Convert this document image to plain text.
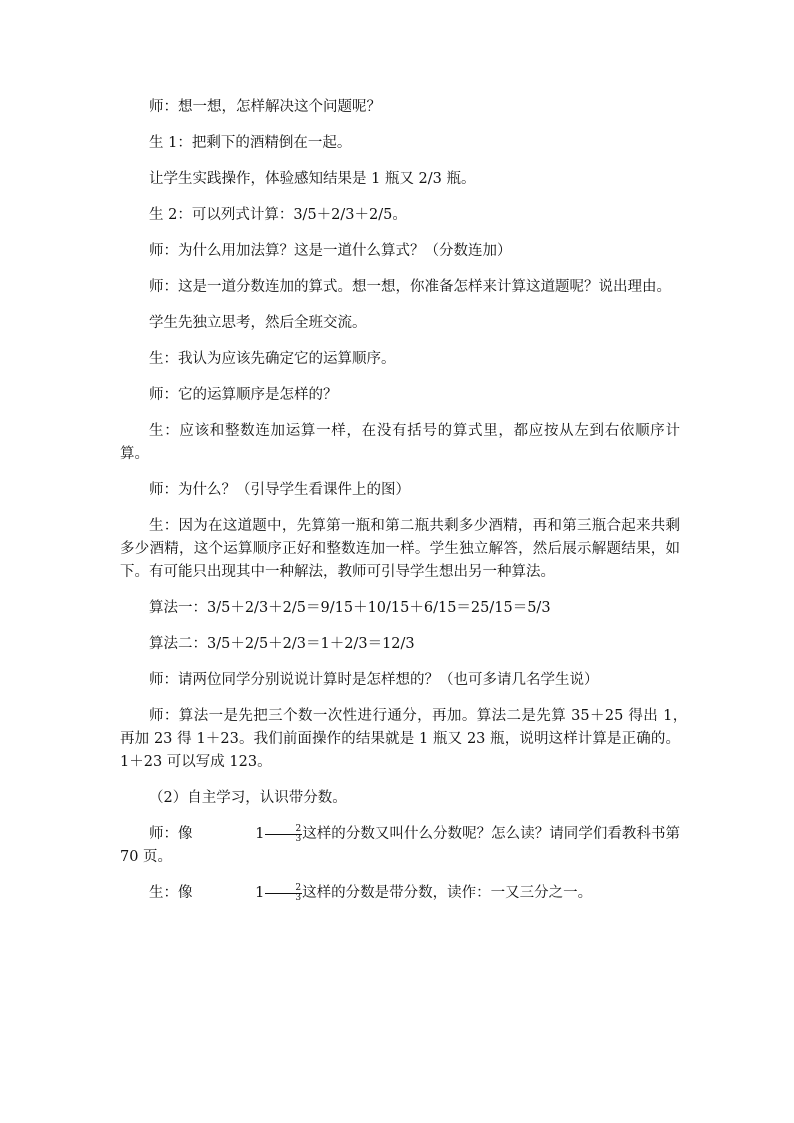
师：想一想，怎样解决这个问题呢？

生 1：把剩下的酒精倒在一起。

让学生实践操作，体验感知结果是 1 瓶又 2/3 瓶。

生 2：可以列式计算：3/5＋2/3＋2/5。

师：为什么用加法算？这是一道什么算式？（分数连加）

师：这是一道分数连加的算式。想一想，你准备怎样来计算这道题呢？说出理由。

学生先独立思考，然后全班交流。

生：我认为应该先确定它的运算顺序。

师：它的运算顺序是怎样的？

生：应该和整数连加运算一样，在没有括号的算式里，都应按从左到右依顺序计算。

师：为什么？（引导学生看课件上的图）

生：因为在这道题中，先算第一瓶和第二瓶共剩多少酒精，再和第三瓶合起来共剩多少酒精，这个运算顺序正好和整数连加一样。学生独立解答，然后展示解题结果，如下。有可能只出现其中一种解法，教师可引导学生想出另一种算法。

算法一：3/5＋2/3＋2/5＝9/15＋10/15＋6/15＝25/15＝5/3

算法二：3/5＋2/5＋2/3＝1＋2/3＝12/3

师：请两位同学分别说说计算时是怎样想的？（也可多请几名学生说）

师：算法一是先把三个数一次性进行通分，再加。算法二是先算 35＋25 得出 1，　再加 23 得 1＋23。我们前面操作的结果就是 1 瓶又 23 瓶，说明这样计算是正确的。1＋23 可以写成 123。

（2）自主学习，认识带分数。

师：像	$1 \frac{2}{3}$ 这样的分数又叫什么分数呢？怎么读？请同学们看教科书第 70 页。

生：像	$1 \frac{2}{3}$ 这样的分数是带分数，读作：一又三分之一。
